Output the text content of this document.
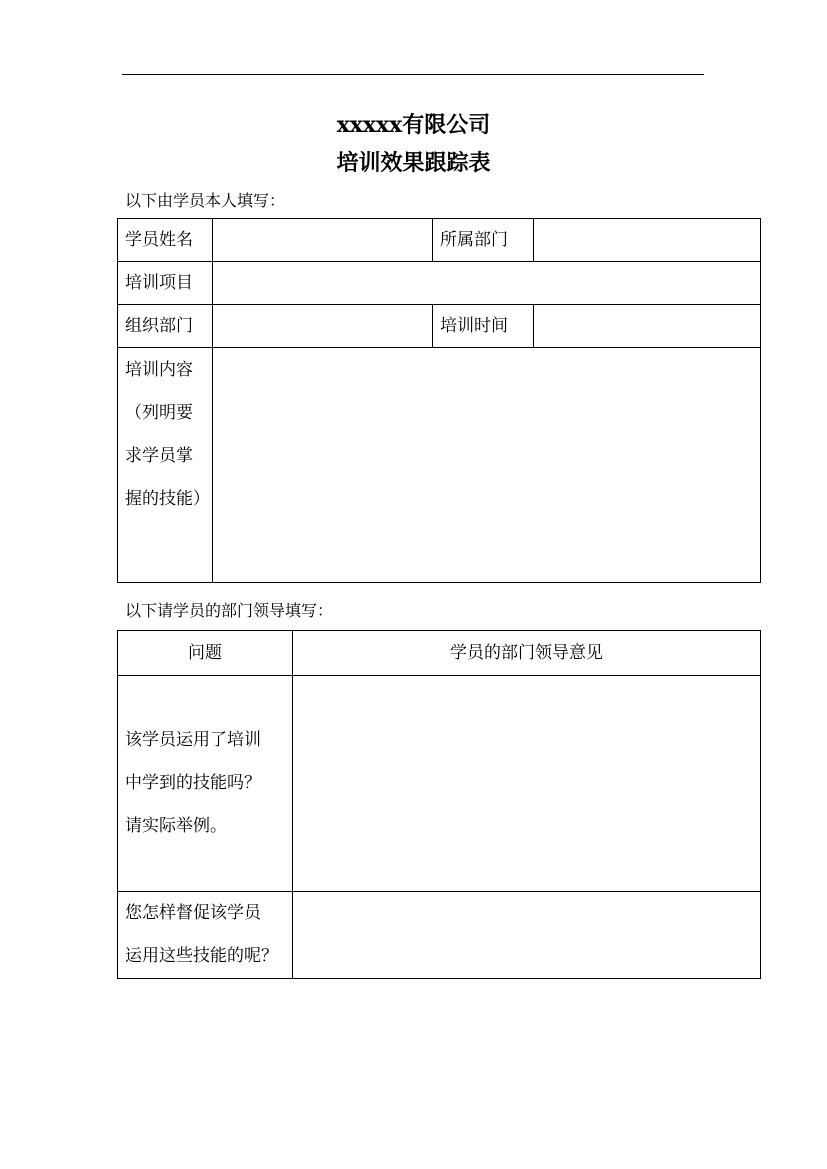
xxxxx有限公司
培训效果跟踪表
以下由学员本人填写：
学员姓名		所属部门	
培训项目			
组织部门		培训时间	

培训内容
（列明要
求学员掌
握的技能）			

以下请学员的部门领导填写：
问题	学员的部门领导意见

该学员运用了培训
中学到的技能吗？
请实际举例。	

您怎样督促该学员
运用这些技能的呢？	
